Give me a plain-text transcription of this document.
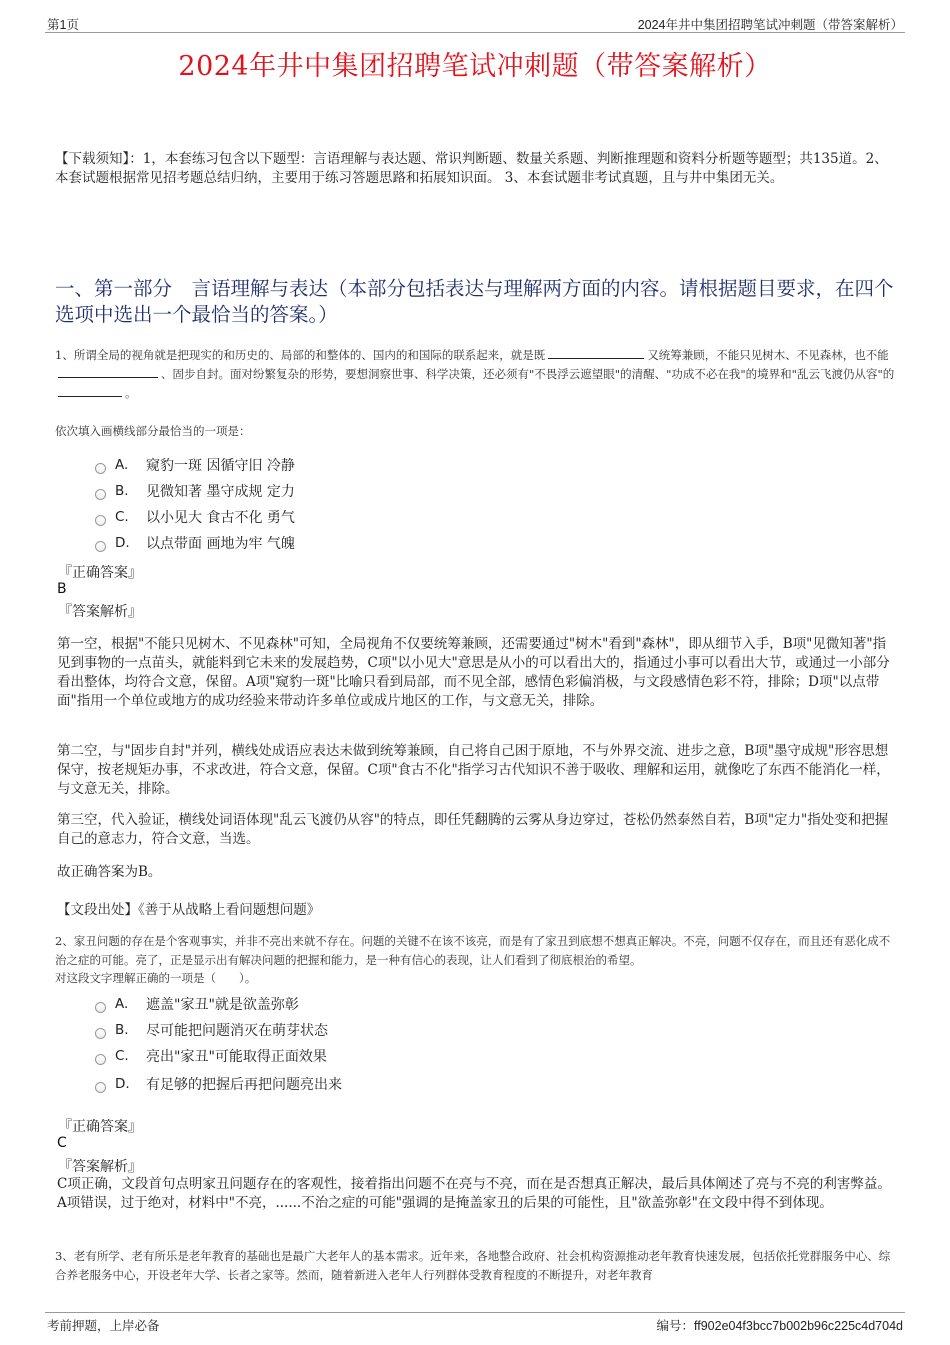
第1页	2024年井中集团招聘笔试冲刺题（带答案解析）
2024年井中集团招聘笔试冲刺题（带答案解析）
【下载须知】：1，本套练习包含以下题型：言语理解与表达题、常识判断题、数量关系题、判断推理题和资料分析题等题型；共135道。2、本套试题根据常见招考题总结归纳，主要用于练习答题思路和拓展知识面。 3、本套试题非考试真题，且与井中集团无关。
一、第一部分　言语理解与表达（本部分包括表达与理解两方面的内容。请根据题目要求，在四个选项中选出一个最恰当的答案。）
1、所谓全局的视角就是把现实的和历史的、局部的和整体的、国内的和国际的联系起来，就是既	又统筹兼顾，不能只见树木、不见森林，也不能、固步自封。面对纷繁复杂的形势，要想洞察世事、科学决策，还必须有"不畏浮云遮望眼"的清醒、"功成不必在我"的境界和"乱云飞渡仍从容"的。
依次填入画横线部分最恰当的一项是：
A.	窥豹一斑 因循守旧 冷静
B.	见微知著 墨守成规 定力
C.	以小见大 食古不化 勇气
D.	以点带面 画地为牢 气魄
『正确答案』
B
『答案解析』
第一空，根据"不能只见树木、不见森林"可知，全局视角不仅要统筹兼顾，还需要通过"树木"看到"森林"，即从细节入手，B项"见微知著"指见到事物的一点苗头，就能料到它未来的发展趋势，C项"以小见大"意思是从小的可以看出大的，指通过小事可以看出大节，或通过一小部分看出整体，均符合文意，保留。A项"窥豹一斑"比喻只看到局部，而不见全部，感情色彩偏消极，与文段感情色彩不符，排除；D项"以点带面"指用一个单位或地方的成功经验来带动许多单位或成片地区的工作，与文意无关，排除。
第二空，与"固步自封"并列，横线处成语应表达未做到统筹兼顾，自己将自己困于原地，不与外界交流、进步之意，B项"墨守成规"形容思想保守，按老规矩办事，不求改进，符合文意，保留。C项"食古不化"指学习古代知识不善于吸收、理解和运用，就像吃了东西不能消化一样，与文意无关，排除。
第三空，代入验证，横线处词语体现"乱云飞渡仍从容"的特点，即任凭翻腾的云雾从身边穿过，苍松仍然泰然自若，B项"定力"指处变和把握自己的意志力，符合文意，当选。
故正确答案为B。
【文段出处】《善于从战略上看问题想问题》
2、家丑问题的存在是个客观事实，并非不亮出来就不存在。问题的关键不在该不该亮，而是有了家丑到底想不想真正解决。不亮，问题不仅存在，而且还有恶化成不治之症的可能。亮了，正是显示出有解决问题的把握和能力，是一种有信心的表现，让人们看到了彻底根治的希望。
对这段文字理解正确的一项是（　　）。
A.	遮盖"家丑"就是欲盖弥彰
B.	尽可能把问题消灭在萌芽状态
C.	亮出"家丑"可能取得正面效果
D.	有足够的把握后再把问题亮出来
『正确答案』
C
『答案解析』
C项正确，文段首句点明家丑问题存在的客观性，接着指出问题不在亮与不亮，而在是否想真正解决，最后具体阐述了亮与不亮的利害弊益。A项错误，过于绝对，材料中"不亮，......不治之症的可能"强调的是掩盖家丑的后果的可能性，且"欲盖弥彰"在文段中得不到体现。
3、老有所学、老有所乐是老年教育的基础也是最广大老年人的基本需求。近年来，各地整合政府、社会机构资源推动老年教育快速发展，包括依托党群服务中心、综合养老服务中心，开设老年大学、长者之家等。然而，随着新进入老年人行列群体受教育程度的不断提升，对老年教育
考前押题，上岸必备	编号：ff902e04f3bcc7b002b96c225c4d704d
